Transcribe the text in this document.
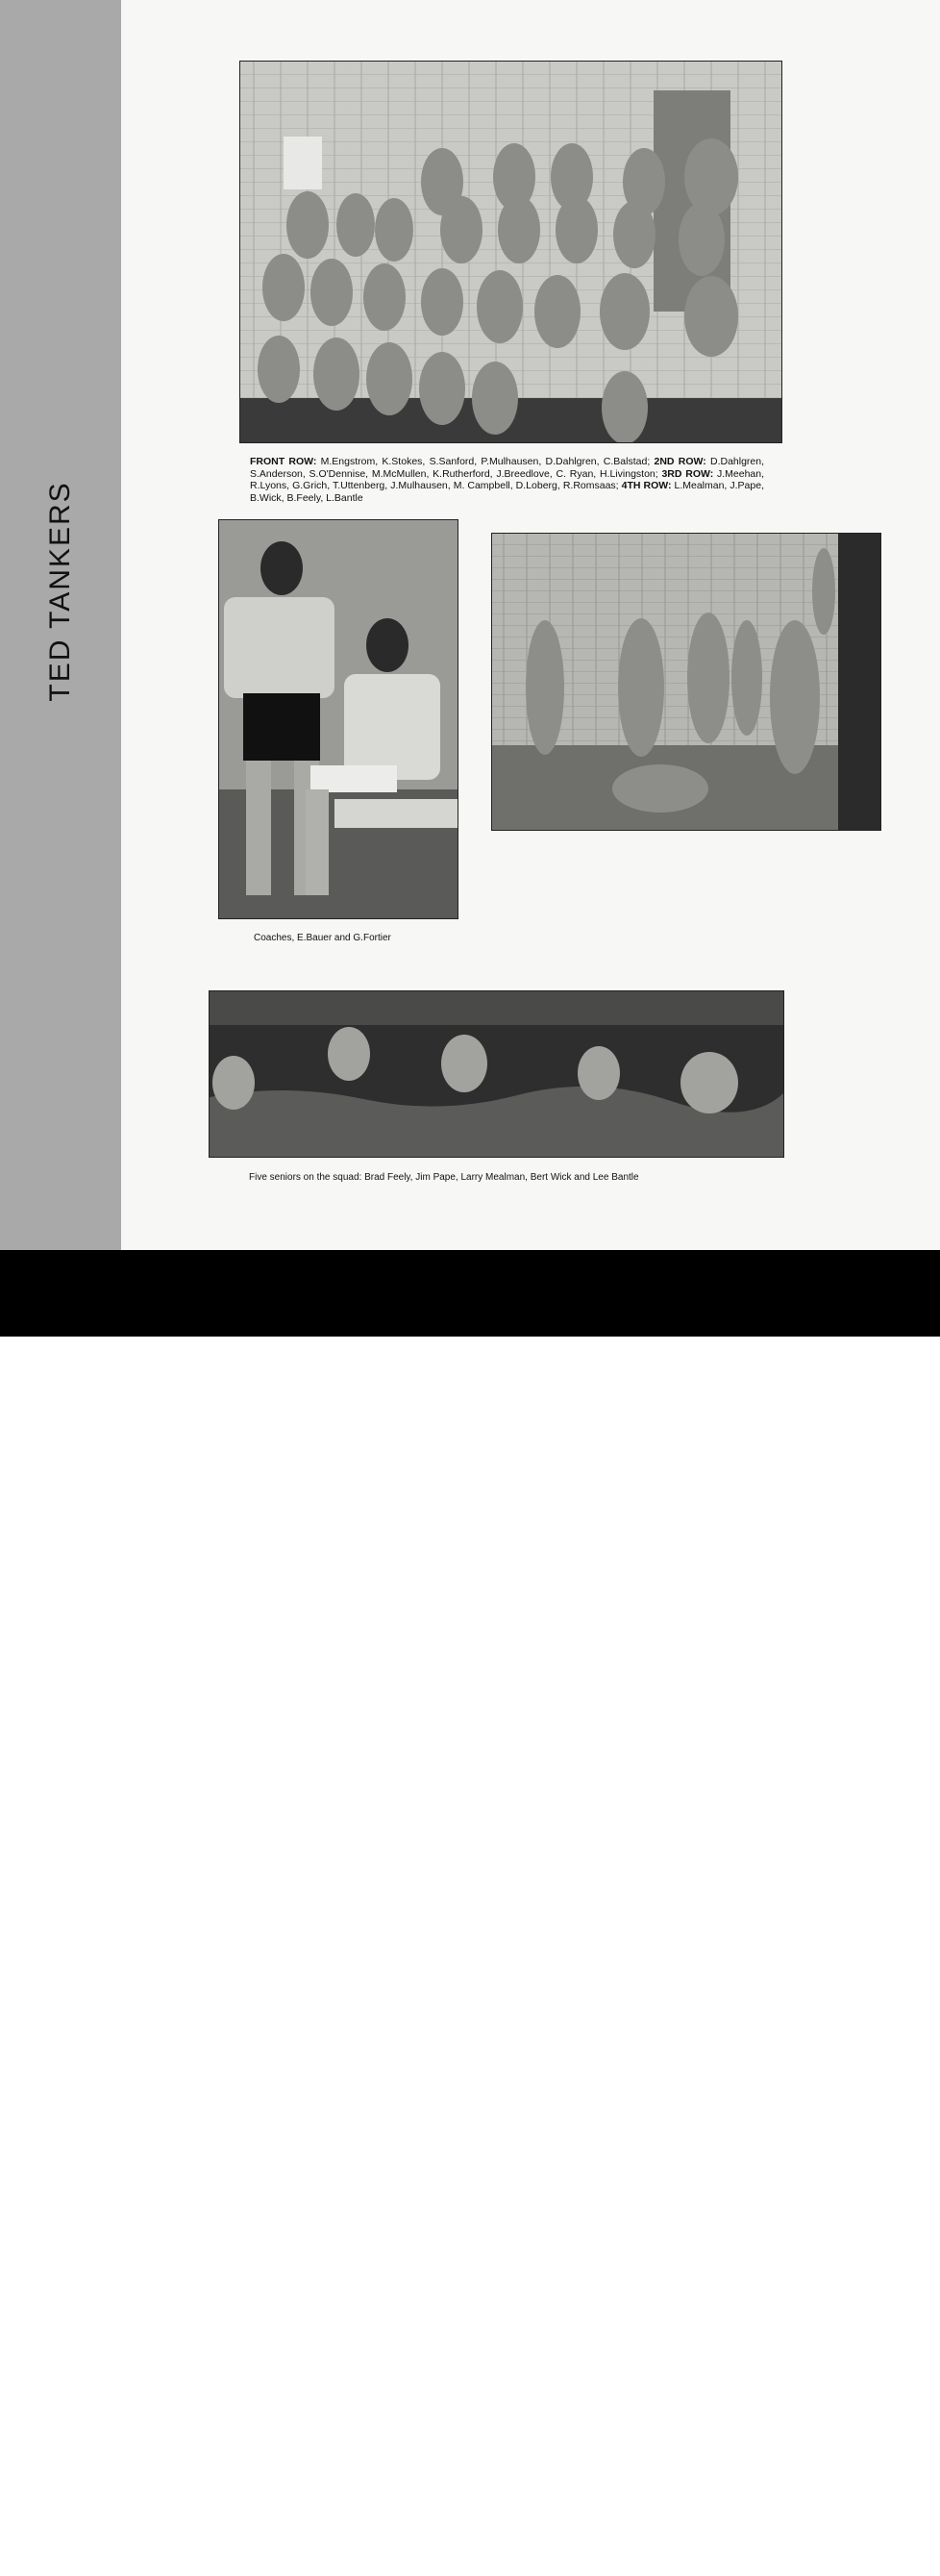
TED TANKERS
FRONT ROW: M.Engstrom, K.Stokes, S.Sanford, P.Mulhausen, D.Dahlgren, C.Balstad; 2ND ROW: D.Dahlgren, S.Anderson, S.O'Dennise, M.McMullen, K.Rutherford, J.Breedlove, C. Ryan, H.Livingston; 3RD ROW: J.Meehan, R.Lyons, G.Grich, T.Uttenberg, J.Mulhausen, M. Campbell, D.Loberg, R.Romsaas; 4TH ROW: L.Mealman, J.Pape, B.Wick, B.Feely, L.Bantle
Coaches, E.Bauer and G.Fortier
Five seniors on the squad: Brad Feely, Jim Pape, Larry Mealman, Bert Wick and Lee Bantle
alamy®	Image ID: 3A6PW2X
www.alamy.com
